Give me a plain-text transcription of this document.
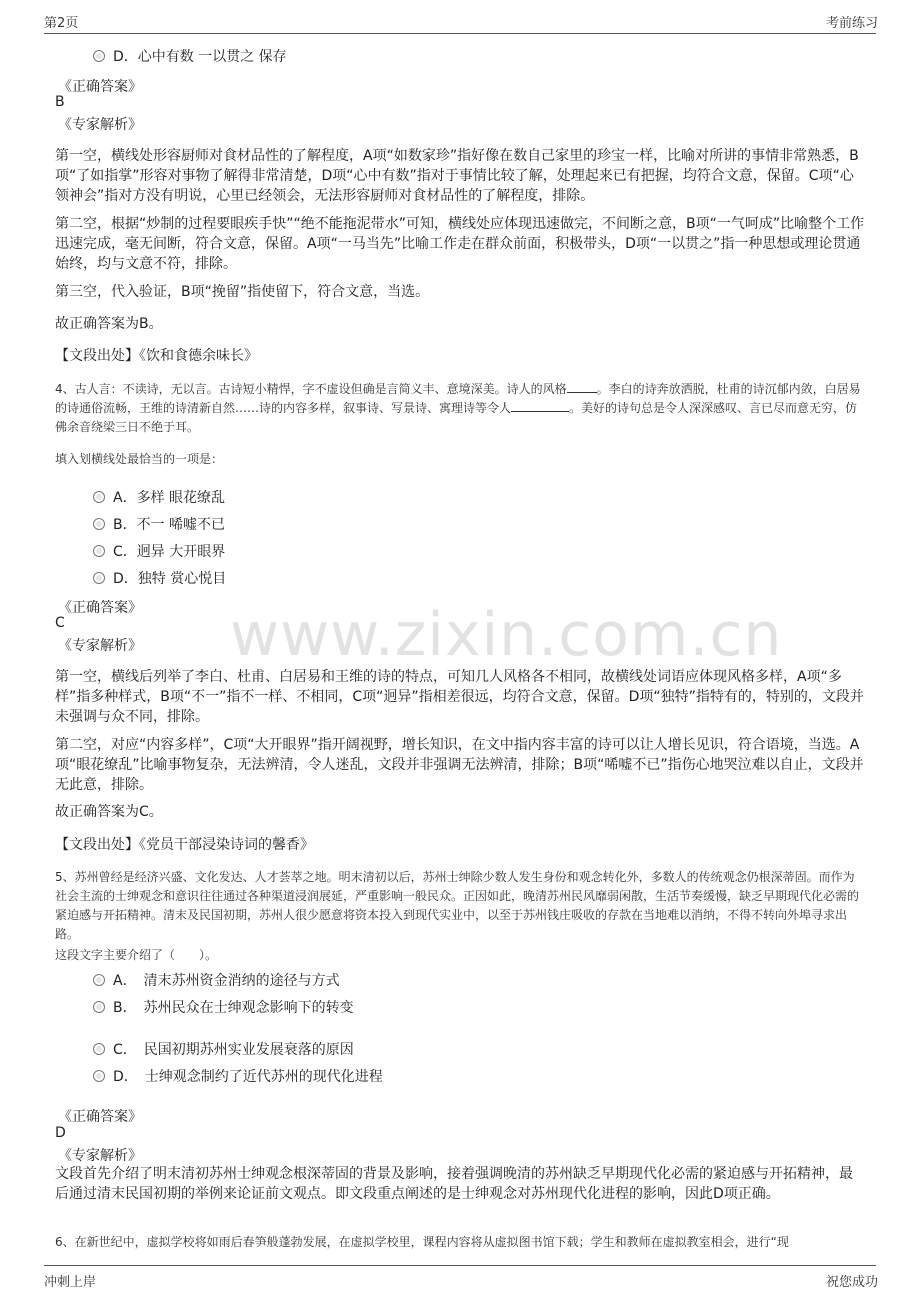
第2页	考前练习
www.zixin.com.cn
D．心中有数 一以贯之 保存
《正确答案》
B
《专家解析》
第一空，横线处形容厨师对食材品性的了解程度，A项“如数家珍”指好像在数自己家里的珍宝一样，比喻对所讲的事情非常熟悉，B项“了如指掌”形容对事物了解得非常清楚，D项“心中有数”指对于事情比较了解，处理起来已有把握，均符合文意，保留。C项“心领神会”指对方没有明说，心里已经领会，无法形容厨师对食材品性的了解程度，排除。
第二空，根据“炒制的过程要眼疾手快”“绝不能拖泥带水”可知，横线处应体现迅速做完，不间断之意，B项“一气呵成”比喻整个工作迅速完成，毫无间断，符合文意，保留。A项“一马当先”比喻工作走在群众前面，积极带头，D项“一以贯之”指一种思想或理论贯通始终，均与文意不符，排除。
第三空，代入验证，B项“挽留”指使留下，符合文意，当选。
故正确答案为B。
【文段出处】《饮和食德余味长》
4、古人言：不读诗，无以言。古诗短小精悍，字不虚设但确是言简义丰、意境深美。诗人的风格	。李白的诗奔放洒脱，杜甫的诗沉郁内敛，白居易的诗通俗流畅，王维的诗清新自然……诗的内容多样，叙事诗、写景诗、寓理诗等令人	。美好的诗句总是令人深深感叹、言已尽而意无穷，仿佛余音绕梁三日不绝于耳。
填入划横线处最恰当的一项是：
A．多样 眼花缭乱
B．不一 唏嘘不已
C．迥异 大开眼界
D．独特 赏心悦目
《正确答案》
C
《专家解析》
第一空，横线后列举了李白、杜甫、白居易和王维的诗的特点，可知几人风格各不相同，故横线处词语应体现风格多样，A项“多样”指多种样式，B项“不一”指不一样、不相同，C项“迥异”指相差很远，均符合文意，保留。D项“独特”指特有的，特别的，文段并未强调与众不同，排除。
第二空，对应“内容多样”，C项“大开眼界”指开阔视野，增长知识，在文中指内容丰富的诗可以让人增长见识，符合语境，当选。A项“眼花缭乱”比喻事物复杂，无法辨清，令人迷乱，文段并非强调无法辨清，排除；B项“唏嘘不已”指伤心地哭泣难以自止，文段并无此意，排除。
故正确答案为C。
【文段出处】《党员干部浸染诗词的馨香》
5、苏州曾经是经济兴盛、文化发达、人才荟萃之地。明末清初以后，苏州士绅除少数人发生身份和观念转化外，多数人的传统观念仍根深蒂固。而作为社会主流的士绅观念和意识往往通过各种渠道浸润展延，严重影响一般民众。正因如此，晚清苏州民风靡弱闲散，生活节奏缓慢，缺乏早期现代化必需的紧迫感与开拓精神。清末及民国初期，苏州人很少愿意将资本投入到现代实业中，以至于苏州钱庄吸收的存款在当地难以消纳，不得不转向外埠寻求出路。
这段文字主要介绍了（　　）。
A．　清末苏州资金消纳的途径与方式
B．　苏州民众在士绅观念影响下的转变
C．　民国初期苏州实业发展衰落的原因
D．　士绅观念制约了近代苏州的现代化进程
《正确答案》
D
《专家解析》
文段首先介绍了明末清初苏州士绅观念根深蒂固的背景及影响，接着强调晚清的苏州缺乏早期现代化必需的紧迫感与开拓精神，最后通过清末民国初期的举例来论证前文观点。即文段重点阐述的是士绅观念对苏州现代化进程的影响，因此D项正确。
6、在新世纪中，虚拟学校将如雨后春笋般蓬勃发展，在虚拟学校里，课程内容将从虚拟图书馆下载；学生和教师在虚拟教室相会，进行“现
冲刺上岸	祝您成功
